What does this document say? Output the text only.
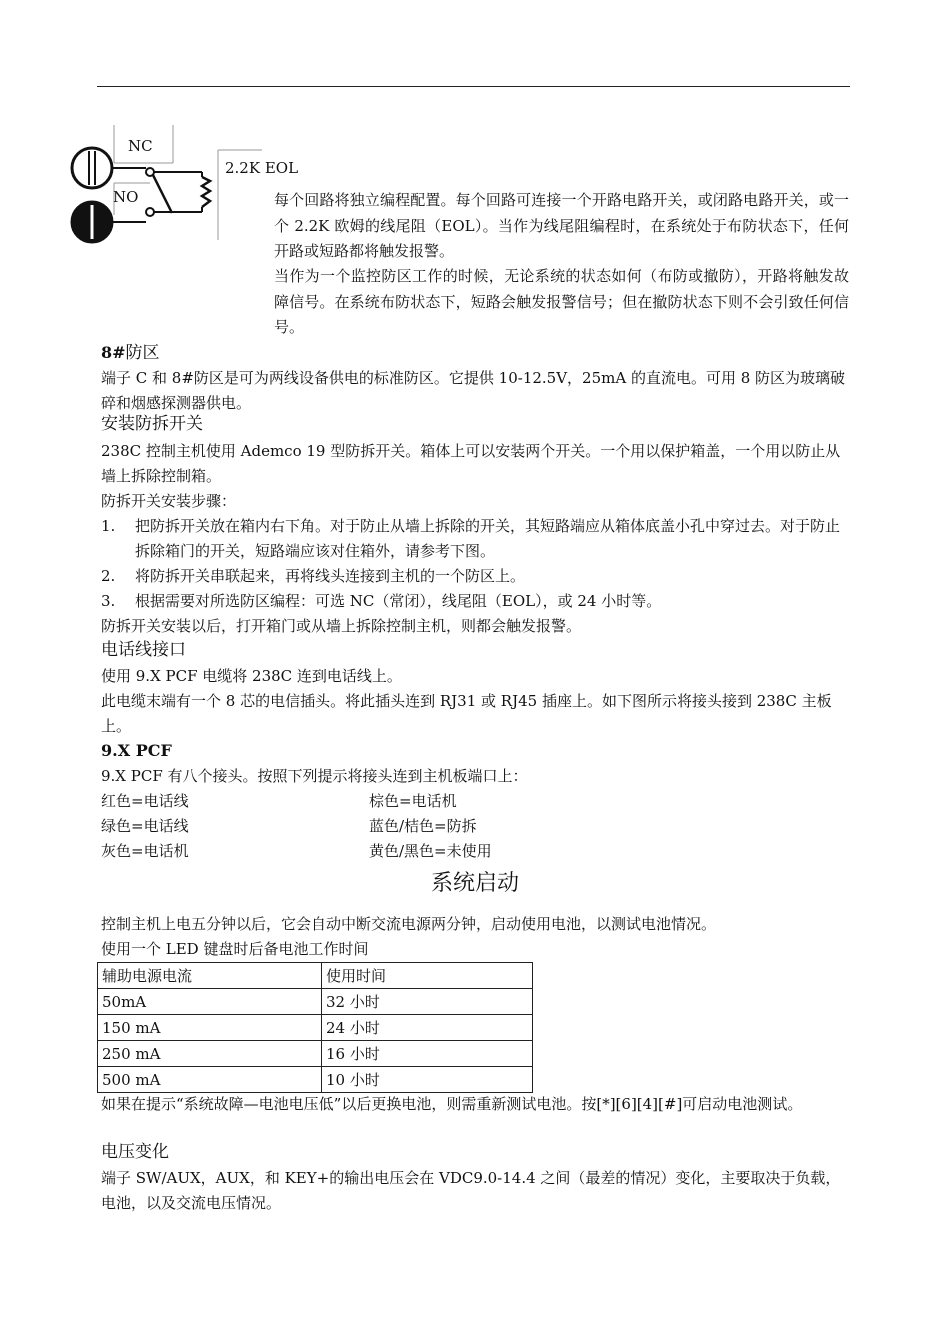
NC
NO
2.2K EOL
每个回路将独立编程配置。每个回路可连接一个开路电路开关，或闭路电路开关，或一个 2.2K 欧姆的线尾阻（EOL）。当作为线尾阻编程时，在系统处于布防状态下，任何开路或短路都将触发报警。
当作为一个监控防区工作的时候，无论系统的状态如何（布防或撤防），开路将触发故障信号。在系统布防状态下，短路会触发报警信号；但在撤防状态下则不会引致任何信号。
8#防区
端子 C 和 8#防区是可为两线设备供电的标准防区。它提供 10-12.5V，25mA 的直流电。可用 8 防区为玻璃破碎和烟感探测器供电。
安装防拆开关
238C 控制主机使用 Ademco 19 型防拆开关。箱体上可以安装两个开关。一个用以保护箱盖，一个用以防止从墙上拆除控制箱。
防拆开关安装步骤：
1. 把防拆开关放在箱内右下角。对于防止从墙上拆除的开关，其短路端应从箱体底盖小孔中穿过去。对于防止拆除箱门的开关，短路端应该对住箱外，请参考下图。
2. 将防拆开关串联起来，再将线头连接到主机的一个防区上。
3. 根据需要对所选防区编程：可选 NC（常闭），线尾阻（EOL），或 24 小时等。
防拆开关安装以后，打开箱门或从墙上拆除控制主机，则都会触发报警。
电话线接口
使用 9.X PCF 电缆将 238C 连到电话线上。
此电缆末端有一个 8 芯的电信插头。将此插头连到 RJ31 或 RJ45 插座上。如下图所示将接头接到 238C 主板上。
9.X PCF
9.X PCF 有八个接头。按照下列提示将接头连到主机板端口上：
红色=电话线	棕色=电话机
绿色=电话线	蓝色/桔色=防拆
灰色=电话机	黄色/黑色=未使用
系统启动
控制主机上电五分钟以后，它会自动中断交流电源两分钟，启动使用电池，以测试电池情况。
使用一个 LED 键盘时后备电池工作时间
辅助电源电流	使用时间
50mA	32 小时
150 mA	24 小时
250 mA	16 小时
500 mA	10 小时
如果在提示“系统故障—电池电压低”以后更换电池，则需重新测试电池。按[*][6][4][#]可启动电池测试。
电压变化
端子 SW/AUX，AUX，和 KEY+的输出电压会在 VDC9.0-14.4 之间（最差的情况）变化，主要取决于负载，电池，以及交流电压情况。
